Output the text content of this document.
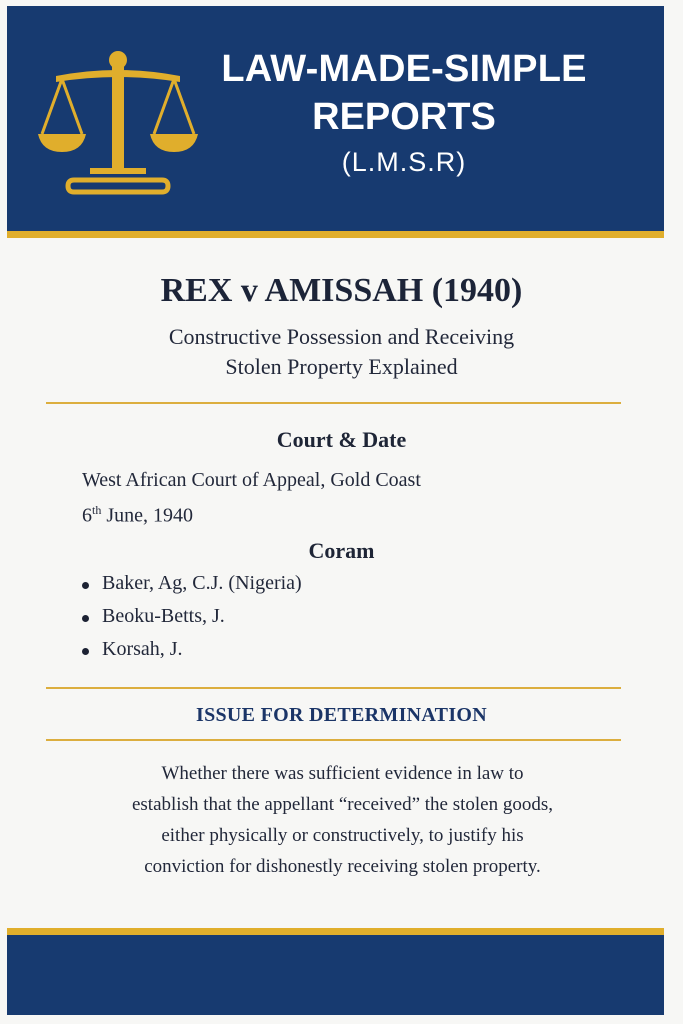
LAW-MADE-SIMPLE
REPORTS
(L.M.S.R)
REX v AMISSAH (1940)
Constructive Possession and Receiving
Stolen Property Explained
Court & Date
West African Court of Appeal, Gold Coast
6th June, 1940
Coram
Baker, Ag, C.J. (Nigeria)
Beoku-Betts, J.
Korsah, J.
ISSUE FOR DETERMINATION
Whether there was sufficient evidence in law to
establish that the appellant “received” the stolen goods,
either physically or constructively, to justify his
conviction for dishonestly receiving stolen property.
